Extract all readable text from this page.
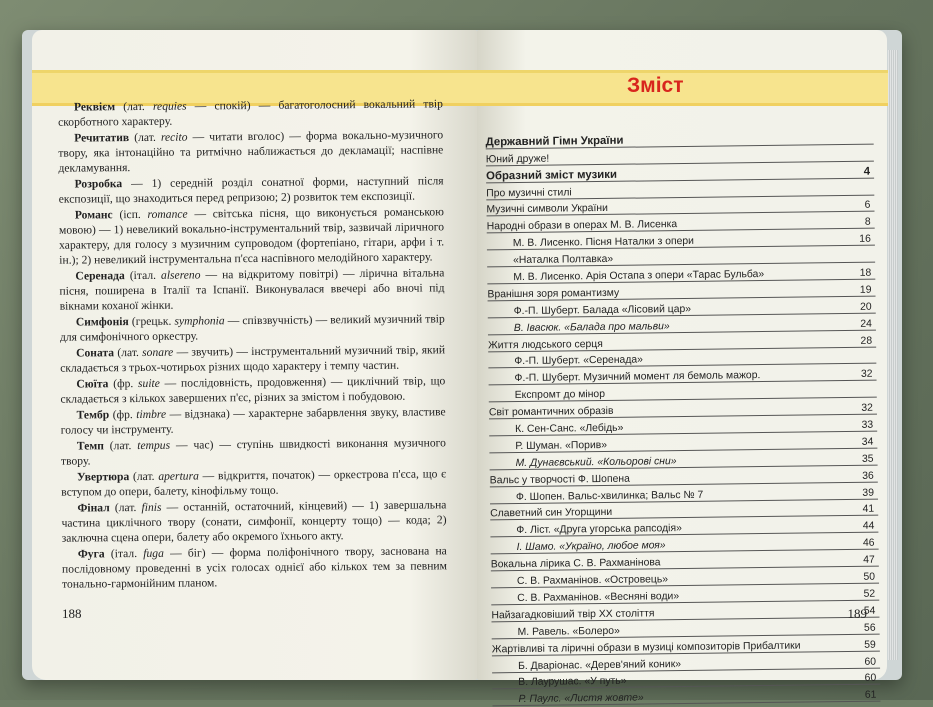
Реквієм (лат. requies — спокій) — багатоголосний вокальний твір скорботного характеру.
Речитатив (лат. recito — читати вголос) — форма вокально-музичного твору, яка інтонаційно та ритмічно наближається до декламації; наспівне декламування.
Розробка — 1) середній розділ сонатної форми, наступний після експозиції, що знаходиться перед репризою; 2) розвиток тем експозиції.
Романс (ісп. romance — світська пісня, що виконується романською мовою) — 1) невеликий вокально-інструментальний твір, зазвичай ліричного характеру, для голосу з музичним супроводом (фортепіано, гітари, арфи і т. ін.); 2) невеликий інструментальна п'єса наспівного мелодійного характеру.
Серенада (італ. alsereno — на відкритому повітрі) — лірична вітальна пісня, поширена в Італії та Іспанії. Виконувалася ввечері або вночі під вікнами коханої жінки.
Симфонія (грецьк. symphonia — співзвучність) — великий музичний твір для симфонічного оркестру.
Соната (лат. sonare — звучить) — інструментальний музичний твір, який складається з трьох-чотирьох різних щодо характеру і темпу частин.
Сюїта (фр. suite — послідовність, продовження) — циклічний твір, що складається з кількох завершених п'єс, різних за змістом і побудовою.
Тембр (фр. timbre — відзнака) — характерне забарвлення звуку, властиве голосу чи інструменту.
Темп (лат. tempus — час) — ступінь швидкості виконання музичного твору.
Увертюра (лат. apertura — відкриття, початок) — оркестрова п'єса, що є вступом до опери, балету, кінофільму тощо.
Фінал (лат. finis — останній, остаточний, кінцевий) — 1) завершальна частина циклічного твору (сонати, симфонії, концерту тощо) — кода; 2) заключна сцена опери, балету або окремого їхнього акту.
Фуга (італ. fuga — біг) — форма поліфонічного твору, заснована на послідовному проведенні в усіх голосах однієї або кількох тем за певним тонально-гармонійним планом.
188
Зміст
Державний Гімн України
Юний друже!
Образний зміст музики	4
Про музичні стилі
Музичні символи України	6
Народні образи в операх М. В. Лисенка	8
М. В. Лисенко. Пісня Наталки з опери	16
«Наталка Полтавка»
М. В. Лисенко. Арія Остапа з опери «Тарас Бульба»	18
Вранішня зоря романтизму	19
Ф.-П. Шуберт. Балада «Лісовий цар»	20
В. Івасюк. «Балада про мальви»	24
Життя людського серця	28
Ф.-П. Шуберт. «Серенада»
Ф.-П. Шуберт. Музичний момент ля бемоль мажор.	32
Експромт до мінор
Світ романтичних образів	32
К. Сен-Санс. «Лебідь»	33
Р. Шуман. «Порив»	34
М. Дунаєвський. «Кольорові сни»	35
Вальс у творчості Ф. Шопена	36
Ф. Шопен. Вальс-хвилинка; Вальс № 7	39
Славетний син Угорщини	41
Ф. Ліст. «Друга угорська рапсодія»	44
І. Шамо. «Україно, любое моя»	46
Вокальна лірика С. В. Рахманінова	47
С. В. Рахманінов. «Островець»	50
С. В. Рахманінов. «Весняні води»	52
Найзагадковіший твір XX століття	54
М. Равель. «Болеро»	56
Жартівливі та ліричні образи в музиці композиторів Прибалтики	59
Б. Дваріонас. «Дерев'яний коник»	60
В. Лаурушас. «У путь»	60
Р. Паулс. «Листя жовте»	61
189
